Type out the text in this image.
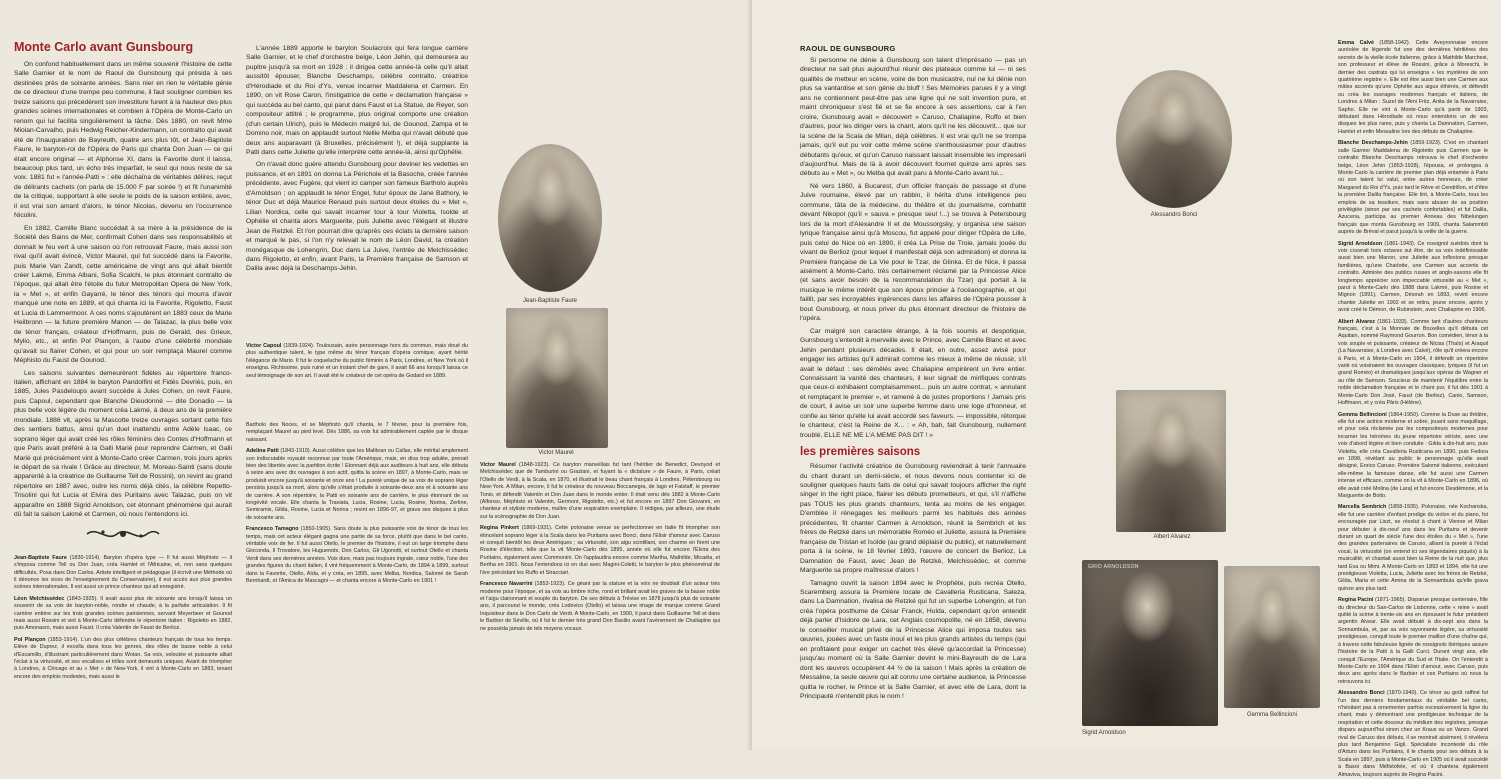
Monte Carlo avant Gunsbourg

On confond habituellement dans un même souvenir l'histoire de cette Salle Garnier et le nom de Raoul de Gunsbourg qui présida à ses destinées près de soixante années. Sans nier en rien le véritable génie de ce directeur d'une trempe peu commune, il faut souligner combien les treize saisons qui précédèrent son investiture furent à la hauteur des plus grandes scènes internationales et combien à l'Opéra de Monte-Carlo un renom qui lui facilita singulièrement la tâche. Dès 1880, on revit Mme Miolan-Carvalho, puis Hedwig Reicher-Kindermann, un contralto qui avait été de l'inauguration de Bayreuth, quatre ans plus tôt, et Jean-Baptiste Faure, le baryton-roi de l'Opéra de Paris qui chanta Don Juan — ce qui était encore original — et Alphonse XI, dans la Favorite dont il laissa, beaucoup plus tard, un écho très imparfait, le seul qui nous reste de sa voix. 1881 fut « l'année-Patti » : elle déchaîna de véritables délires, reçut de délirants cachets (on parla de 15.000 F par soirée !) et fit l'unanimité de la critique, supportant à elle seule le poids de la saison entière, avec, il est vrai son amant d'alors, le ténor Nicolas, devenu en l'occurrence Nicolini.

En 1882, Camille Blanc succédait à sa mère à la présidence de la Société des Bains de Mer, confirmait Cohen dans ses responsabilités et donnait le feu vert à une saison où l'on retrouvait Faure, mais aussi son rival qui'il avait évincé, Victor Maurel, qui fut succédé dans la Favorite, puis Marie Van Zandt, cette américaine de vingt ans qui allait bientôt créer Lakmé, Emma Albani, Sofia Scalchi, le plus étonnant contralto de l'époque, qui allait être l'étoile du futur Metropolitan Opera de New York, la « Met », et enfin Gayarré, le ténor des ténors qui mourra d'avoir manqué une note en 1889, et qui chanta ici la Favorite, Rigoletto, Faust et Lucia di Lammermoor. A ces noms s'ajoutèrent en 1883 ceux de Marie Heilbronn — la future première Manon — de Talazac, la plus belle voix de ténor français, créateur d'Hoffmann, puis de Gerald, des Grieux, Mylio, etc., et enfin Pol Plançon, à l'aube d'une célébrité mondiale qu'avait su flairer Cohen, et qui pour un soir remplaça Maurel comme Méphisto du Faust de Gounod.

Les saisons suivantes demeurèrent fidèles au répertoire franco-italien, affichant en 1884 le baryton Pandolfini et Fidès Devriès, puis, en 1885, Jules Pasdeloups avant succède à Jules Cohen, on revit Faure, puis Capoul, cependant que Blanche Dieudonné — dite Donadio — la plus belle voix légère du moment créa Lakmé, à deux ans de la première mondiale. 1886 vit, après la Mascotte treize ouvrages sortant cette fois des sentiers battus, ainsi qu'un duel inattendu entre Adèle Isaac, ce soprano léger qui avait créé les rôles féminins des Contes d'Hoffmann et que Paris avait préféré à la Galli Marié pour reprendre Carmen, et Galli Marié qui précisément vint à Monte-Carlo créer Carmen, trois jours après le départ de sa rivale ! Grâce au directeur, M. Moreau-Sainti (sans doute apparenté à la créatrice de Guillaume Tell de Rossini), on revint au grand répertoire en 1887 avec, outre les noms déjà cités, la célèbre Repetto-Trisolini qui fut Lucia et Elvira des Puritains avec Talazac, puis on vit apparaître en 1888 Sigrid Arnoldson, cet étonnant phénomène qui aurait dû fait la saison Lakmé et Carmen, où nous l'entendons ici.

Jean-Baptiste Faure (1830-1914). Baryton d'opéra type — Il fut aussi Méphisto — il s'imposa comme Tell ou Don Juan, créa Hamlet et l'Africaine, et, non sans quelques difficultés, Posa dans Don Carlos. Artiste intelligent et pédagogue (il écrivit une Méthode où il dénonce les vices de l'enseignement du Conservatoire), il eut accès aux plus grandes scènes internationales. Il est aussi un prince chanteur qui ait enregistré.

Léon Melchissédec (1843-1925). Il avait aussi plus de soixante ans lorsqu'il laissa un souvenir de sa voix de baryton-noble, rondie et chaude, à la parfaite articulation. Il fit carrière entière sur les trois grandes scènes parisiennes, servant Meyerbeer et Gounod mais aussi Rossini et vint à Monte-Carlo défendre le répertoire italien : Rigoletto en 1882, puis Amonasro, mais aussi Faust. Il créa Valentin de Faust de Berlioz.

Pol Plançon (1853-1914). L'un des plus célèbres chanteurs français de tous les temps. Elève de Duprez, il excella dans tous les genres, des rôles de basse noble à celui d'Escamillo, d'illustrant particulièrement dans Wotan. Sa voix, veloutée et puissante alliait l'éclat à la virtuosité, et ses vocalises et trilles sont demeurés uniques. Avant de triompher à Londres, à Chicago et au « Met » de New-York, il vint à Monte-Carlo en 1883, tenant encore des emplois modestes, mais aussi le

L'année 1889 apporte le baryton Soulacroix qui fera longue carrière Salle Garnier, et le chef d'orchestre belge, Léon Jehin, qui demeurera au pupitre jusqu'à sa mort en 1928 : il dirigea cette année-là celle qu'il allait aussitôt épouser, Blanche Deschamps, célèbre contralto, créatrice d'Hérodiade et du Roi d'Ys, venue incarner Maddalena et Carmen. En 1890, on vit Rose Caron, l'instigatrice de cette « déclamation française » qui succéda au bel canto, qui parut dans Faust et La Statue, de Reyer, son compositeur attitré ; le programme, plus original comporte une création (d'un certain Ulrich), puis le Médecin malgré lui, de Gounod, Zampa et le Domino noir, mais on applaudit surtout Nellie Melba qui n'avait débuté que deux ans auparavant (à Bruxelles, précisément !), et déjà supplante la Patti dans cette Juliette qu'elle interprète cette année-là, ainsi qu'Ophélie.

On n'avait donc guère attendu Gunsbourg pour deviner les vedettes en puissance, et en 1891 on donna La Périchole et la Basoche, créée l'année précédente, avec Fugère, qui vient ici camper son fameux Bartholo auprès d'Arnoldson ; on applaudit le ténor Engel, futur époux de Jane Bathory, le ténor Duc et déjà Maurice Renaud puis surtout deux étoiles du « Met », Lilian Nordica, celle qui savait incarner tour à tour Violetta, Isolde et Ophélie et chanta alors Marguerite, puis Juliette avec l'élégant et illustre Jean de Retzké. Et l'on pourrait dire qu'après ces éclats la dernière saison et marqué le pas, si l'on n'y relevait le nom de Léon David, la création monégasque de Lohengrin, Duc dans La Juive, l'entrée de Melchissédec dans Rigoletto, et enfin, avant Paris, la Première française de Samson et Dalila avec déjà la Deschamps-Jehin.

Victor Capoul (1839-1924). Toulousain, autre personnage hors du commun, mais doué du plus authentique talent, le type même du ténor français d'opéra comique, ayant hérité l'élégance de Mario. Il fut le coqueluche du public féminin à Paris, Londres, et New York où il enseigna. Richissime, puis ruiné et un instant chef de gare, il avait 66 ans lorsqu'il laissa ce seul témoignage de son art. Il avait été le créateur de cet opéra de Godard en 1889.

Bartholo des Noces, et se Méphisto qu'il chanta, le 7 février, pour la première fois, remplaçant Maurel au pied levé. Dès 1886, sa voix fut admirablement captée par le disque naissant.

Adelina Patti (1843-1919). Aussi célèbre que les Malibran ou Callas, elle mérital amplement son indiscutable royauté reconnue par toute l'Amérique, mais, en diva trop adulée, prenait bien des libertés avec la partition écrite ! Etonnant déjà aux auditeurs à huit ans, elle débuta à seize ans avec dix ouvrages à son actif, quitta la scène en 1897, à Monte-Carlo, mais se produisit encore jusqu'à soixante et onze ans ! La pureté unique de sa voix de soprano léger persista jusqu'à sa mort, alors qu'elle s'était produite à soixante-deux ans et à soixante ans de carrière. A son répertoire, la Patti en soixante ans de carrière, le plus étonnant de sa longévité vocale. Elle chanta la Traviata, Lucia, Rosine, Lucia, Rosine, Norina, Zerline, Semiramis, Gilda, Rosine, Lucia et Norina ; revint en 1896-97, et grava ses disques à plus de soixante ans.

Francesco Tamagno (1850-1905). Sans doute la plus puissante voix de ténor de tous les temps, mais cet acteur élégant gagna une partie de sa force, plutôt que dans le bel canto, véritable voix de fer. Il fut aussi Otello, le premier de l'histoire, il eut un large triomphe dans Gioconda, Il Trovatore, les Huguenots, Don Carlos, Gli Ugonotti, et surtout Otello et chanta Verdi dans ses dernières années. Voix dure, mais pas toujours ingrate, cœur noble, l'une des grandes figures du chant italien, il vint fréquemment à Monte-Carlo, de 1894 à 1899, surtout dans la Favorite, Otello, Aïda, et y créa, en 1895, avec Melba, Nordica, Salomé de Sarah Bernhardt, et l'Amica de Mascagni — et chanta encore à Monte-Carlo en 1901 !

Jean-Baptiste Faure
Victor Maurel

Victor Maurel (1848-1923). Ce baryton marseillais fut tant l'héritier de Benedict, Devoyod et Melchissédec que de Tamburini ou Graziani, et fuyant la « dictature » de Faure, à Paris, créait l'Otello de Verdi, à la Scala, en 1870, et illustrait le beau chant français à Londres, Pétersbourg ou New-York. A Milan, encore, il fut le créateur du nouveau Boccanegra, de Iago et Falstaff, le premier Tonio, et défendit Valentin et Don Juan dans le monde entier. Il était venu dès 1882 à Monte-Carlo (Alfonso, Méphisto et Valentin, Germont, Rigoletto, etc.) et fut encore en 1897 Don Giovanni, en chanteur et styliste moderne, maître d'une respiration exemplaire. Il rédigea, par ailleurs, une étude sur la scénographie de Don Juan.

Regina Pinkert (1869-1931). Cette polonaise venue se perfectionner en Italie fit triompher son étincelant soprano léger à la Scala dans les Puritains avec Bonci, dans l'Elisir d'amour avec Caruso et conquit bientôt les deux Amériques ; sa virtuosité, son aigu scintillant, son charme en firent une Rosine d'élection, telle que la vit Monte-Carlo dès 1895, année où elle fut encore l'Elvira des Puritains, également avec Commonini. On l'applaudira encore comme Martha, Mathilde, Micaëla, et Bertha en 1901. Nous l'entendons ici en duo avec Magini-Coletti, le baryton le plus phénoménal de l'ère précédant les Ruffo et Stracciari.

Francesco Navarrini (1853-1923). Ce géant par la stature et la voix ne doublait d'un acteur très moderne pour l'époque, et sa voix au timbre riche, rond et brillant avait les graves de la basse noble et l'aigu claironnant et souple du baryton. De ses débuts à Trévise en 1878 jusqu'à plus de soixante ans, il parcourut le monde, créa Lodovico (Otello) et laissa une image de marque comme Grand Inquisiteur dans le Don Carlo de Verdi. A Monte-Carlo, en 1900, il parut dans Guillaume Tell et dans le Barbier de Séville, où il fut le dernier très grand Don Basilio avant l'avènement de Chaliapine qui ne possèda jamais de tels moyens vocaux.

RAOUL DE GUNSBOURG

Si personne ne dénie à Gunsbourg son talent d'imprésario — pas un directeur ne sait plus aujourd'hui réunir des plateaux comme lui — ni ses qualités de metteur en scène, voire de bon musicastre, nul ne lui dénie non plus sa vantardise et son génie du bluff ! Ses Mémoires parues il y a vingt ans ne contiennent peut-être pas une ligne qui ne soit invention pure, et maint chroniqueur s'est fié et se fie encore à ses assertions, car à l'en croire, Gunsbourg avait « découvert » Caruso, Chaliapine, Ruffo et bien d'autres, pour les diriger vers la chant, alors qu'il ne les découvrit... que sur la scène de la Scala de Milan, déjà célèbres. Il est vrai qu'il ne se trompa jamais, qu'il eut pu voir cette même scène s'enthousiasmer pour d'autres débutants qu'eux, et qu'un Caruso naissant laissait insensible les impresarii d'aujourd'hui. Mais de là à avoir découvert fournet quinze ans après ses débuts au « Met », ou Melba qui avait paru à Monte-Carlo avant lui...

Né vers 1860, à Bucarest, d'un officier français de passage et d'une Juive roumaine, élevé par un rabbin, il hérita d'une intelligence peu commune, tâta de la médecine, du théâtre et du journalisme, combattit devant Nikopol (qu'il « sauva » presque seul !...) se trouva à Petersbourg lors de la mort d'Alexandre II et de Moussorgsky, y organisa une saison lyrique française ainsi qu'à Moscou, fut appelé pour diriger l'Opéra de Lille, puis celui de Nice où en 1890, il créa La Prise de Troie, jamais jouée du vivant de Berlioz (pour lequel il manifestait déjà son admiration) et donna la Première française de La Vie pour le Tzar, de Glinka. Et de Nice, il passa aisément à Monte-Carlo, très certainement réclamé par la Princesse Alice (et sans avoir besoin de la recommandation du Tzar) qui portait à la musique le même intérêt que son époux princier à l'océanographie, et qui faillit, par ses incroyables ingérences dans les affaires de l'Opéra pousser à bout Gunsbourg, et nous priver du plus étonnant directeur de l'histoire de l'opéra.

Car malgré son caractère étrange, à la fois soumis et despotique, Gunsbourg s'entendit à merveille avec le Prince, avec Camille Blanc et avec Jehin pendant plusieurs décades. Il était, en outre, assez avisé pour engager les artistes qu'il admirait comme les mieux à même de réussir, s'il avait le défaut : ses démêlés avec Chaliapine empirèrent un livre entier. Connaissant la vanité des chanteurs, il leur signait de mirifiques contrats que ceux-ci exhibaient complaisamment... puis un autre contrat, « annulant et remplaçant le premier », et ramené à de justes proportions ! Jamais pris de court, il avise un soir une superbe femme dans une loge d'honneur, et confie au ténor qu'elle lui avait accordé ses faveurs. — impossible, rétorque le chanteur, c'est la Reine de X... : « Ah, bah, fait Gunsbourg, nullement troublé, ELLE NE ME L'A MEME PAS DIT ! »

les premières saisons

Résumer l'activité créatrice de Gunsbourg reviendrait à tenir l'annuaire du chant durant un demi-siècle, et nous devons nous contenter ici de souligner quelques hauts faits de celui qui savait toujours afficher the right singer in the right place, flairer les débuts prometteurs, et qui, s'il n'affiche pas TOUS les plus grands chanteurs, tenta au moins de les engager. D'emblée il rénegages les meilleurs parmi les habitués des années précédentes, fit chanter Carmen à Arnoldson, réunit la Sembrich et les frères de Retzké dans un mémorable Roméo et Juliette, assura la Première française de Tristan et Isolde (au grand déplaisir du public), et naturellement porta à la scène, le 18 février 1893, l'œuvre de concert de Berlioz, La Damnation de Faust, avec Jean de Retzké, Melchissédec, et comme Marguerite sa propre maîtresse d'alors !

Tamagno ouvrit la saison 1894 avec le Prophète, puis recréa Otello, Scaremberg assura la Première locale de Cavalleria Rusticana, Saleza, dans La Damnation, rivalisa de Retzké qui fut un superbe Lohengrin, et l'on créa l'opéra posthume de César Franck, Hulda, cependant qu'on entendit déjà parler d'Isidore de Lara, cet Anglais cosmopolite, né en 1858, devenu le conseiller musical privé de la Princesse Alice qui imposa toutes ses œuvres, jouées avec un faste inouï et les plus grands artistes du temps (qui en profitaient pour exiger un cachet très élevé qu'accordait la Princesse) jusqu'au moment où la Salle Garnier devint le mini-Bayreuth de de Lara dont les œuvres occupèrent 44 ½ de la saison ! Mais après la création de Messaline, la seule œuvre qui ait connu une certaine audience, la Princesse quitta le rocher, le Prince et la Salle Garnier, et avec elle de Lara, dont la Principauté n'entendit plus le nom !

Alessandro Bonci
Albert Alvarez
GRID ARNOLDSON
Sigrid Arnoldson
Gemma Bellincioni

Emma Calvé (1858-1942). Cette Aveyronnaise encore auréolée de légende fut une des dernières héritières des secrets de la vieille école italienne, grâce à Mathilde Marchesi, son professeur et élève de Rossini, grâce à Moreschi, le dernier des castrats qui lui enseigna « les mystères de son quatrième registre ». Elle est être aussi bien une Carmen aux mâles accents qu'une Ophélie aux aigus éthérés, et défendit ou créa les ouvrages modernes français et italiens, de Londres à Milan : Suzel de l'Ami Fritz, Anita de la Navarraise, Sapho. Elle ne vint à Monte-Carlo qu'à partir de 1903, débutant dans Hérodiade où nous entendons un de ses disques les plus rares, puis y chanta La Damnation, Carmen, Hamlet et enfin Messaline lors des débuts de Chaliapine.

Blanche Deschamps-Jehin (1859-1923). C'est en chantant salle Garnier Maddalena de Rigoletto puis Carmen que le contralto Blanche Deschamps retrouva le chef d'orchestre belge, Léon Jehin (1853-1928), l'épousa, et prolongea à Monte-Carlo la carrière de premier plan déjà entamée à Paris où son talent lui valut, entre autres honneurs, de créer Margared du Roi d'Ys, puis tard le Rêve et Cendrillon, et d'être la première Dalila française. Elle tint, à Monte-Carlo, tous les emplois de sa tessiture, mais sans abuser de sa position privilégiée (sinon par ses cachets confortables) et fut Dalila, Azucena, participa au premier Anneau des Nibelungen français que monta Gunsbourg en 1909, chanta Salammbô auprès de Bréval et parut jusqu'à la veille de la guerre.

Sigrid Arnoldson (1861-1943). Ce rossignol suédois dont la voix couvrait trois octaves sut être, de sa voix indéfinissable aussi bien une Manon, une Juliette aux inflexions presque familières, qu'une Charlotte, une Carmen aux accents de contralto. Admirée des publics russes et anglo-saxons elle fit longtemps apprécier son impeccable virtuosité au « Met », parut à Monte-Carlo dès 1888 dans Lakmé, puis Rosine et Mignon (1891), Carmen, Dinorah en 1893, revint encore chanter Juliette en 1902 et se retira, jeune encore, après y avoir créé le Démon, de Rubinstein, avec Chaliapine en 1906.

Albert Alvarez (1861-1933). Comme tant d'autres chanteurs français, c'est à la Monnaie de Bruxelles qu'il débuta cet Aquitain, nommé Raymond Gourron. Bon comédien, ténor à la voix souple et puissante, créateur de Nicias (Thaïs) et Araquil (La Navarraise, à Londres avec Calvé), rôle qu'il créera encore à Paris, et à Monte-Carlo en 1904, il défendit un répertoire varié où voisinaient les ouvrages classiques, lyriques (il fut un grand Roméo) et dramatiques jusqu'aux opéras de Wagner et au rôle de Samson. Soucieux de maintenir l'équilibre entre la noble déclamation française et le chant pur, il fut dès 1901 à Monte-Carlo Don José, Faust (de Berlioz), Canio, Samson, Hoffmann, et y créa Pâris (Hélène).

Gemma Bellincioni (1864-1950). Comme la Duse au théâtre, elle fut une actrice moderne et sobre, jouant sans maquillage, et pour cela réclamée par les compositeurs modernes pour incarner les héroïnes du jeune répertoire vériste, avec une voix d'abord légère et bien conduite : Gilda à dix-huit ans, puis Violetta, elle créa Cavalleria Rusticana en 1890, puis Fedora en 1898, révélant au public le personnage qu'elle avait désigné, Enrico Caruso. Première Salomé italienne, exécutant elle-même la fameuse danse, elle fut aussi une Carmen intense et efficace, comme on la vit à Monte-Carlo en 1896, où elle avait créé Molina (de Lara) et fut encore Desdémone, et la Marguerite de Boito.

Marcella Sembrich (1858-1935). Polonaise, née Kochanska, elle fut une carrière d'enfant prodige du violon et du piano, fut encouragée par Liszt, se résolut à chant à Vienne et Milan pour débuter à dix-neuf ans dans les Puritains et devenir durant un quart de siècle l'une des étoiles du « Met », l'une des grandes partenaires de Caruso, alliant la pureté à l'éclat vocal, la virtuosité (on entend ici ses légendaires piqués) à la musicalité, et chantait aussi bien la Reine de la nuit que, plus tard Eva ou Mimi. A Monte-Carlo en 1893 et 1894, elle fut une prestigieuse Violetta, Lucia, Juliette avec les frères de Retzké, Gilda, Maria et cette Amina de la Sonnambula qu'elle grava quinze ans plus tard.

Regina Pacini (1871-1965). Disparue presque centenaire, fille du directeur du San-Carlos de Lisbonne, cette « reine » avait quitté la scène à trente-six ans en épousant le futur président argentin Alvear. Elle avait débuté à dix-sept ans dans la Sonnambula, et, par sa voix rayonnante légère, sa virtuosité prestigieuse, conquit toute le premier maillon d'une chaîne qui, à travers cette fabuleuse lignée de rossignols ibériques assure l'histoire de la Patti à la Galli Curci. Durant vingt ans, elle conquit l'Europe, l'Amérique du Sud et l'Italie. On l'entendit à Monte-Carlo en 1904 dans l'Elisir d'amour, avec Caruso, puis deux ans après dans le Barbier et ces Puritains où nous la retrouvons ici.

Alessandro Bonci (1870-1940). Ce ténor au goût raffiné fut l'un des derniers fondamentaux du véritable bel canto, n'hésitant pas à ornementer parfois excessivement la ligne du chant, mais y démontrant une prodigieuse technique de la respiration et cette douceur du médium des registres, presque disparu aujourd'hui sinon chez un Kraus ou un Vanzo. Grand rival de Caruso des débuts, il se montrait aisément, il révélera plus tard Benjamino Gigli. Spécialiste incontesté du rôle d'Arturo dans les Puritains, il le chanta pour ses débuts à la Scala en 1897, puis à Monte-Carlo en 1905 où il avait succédé à Basoi dans Méfistofele, et où il chantera également Almaviva, toujours auprès de Regina Pacini.
